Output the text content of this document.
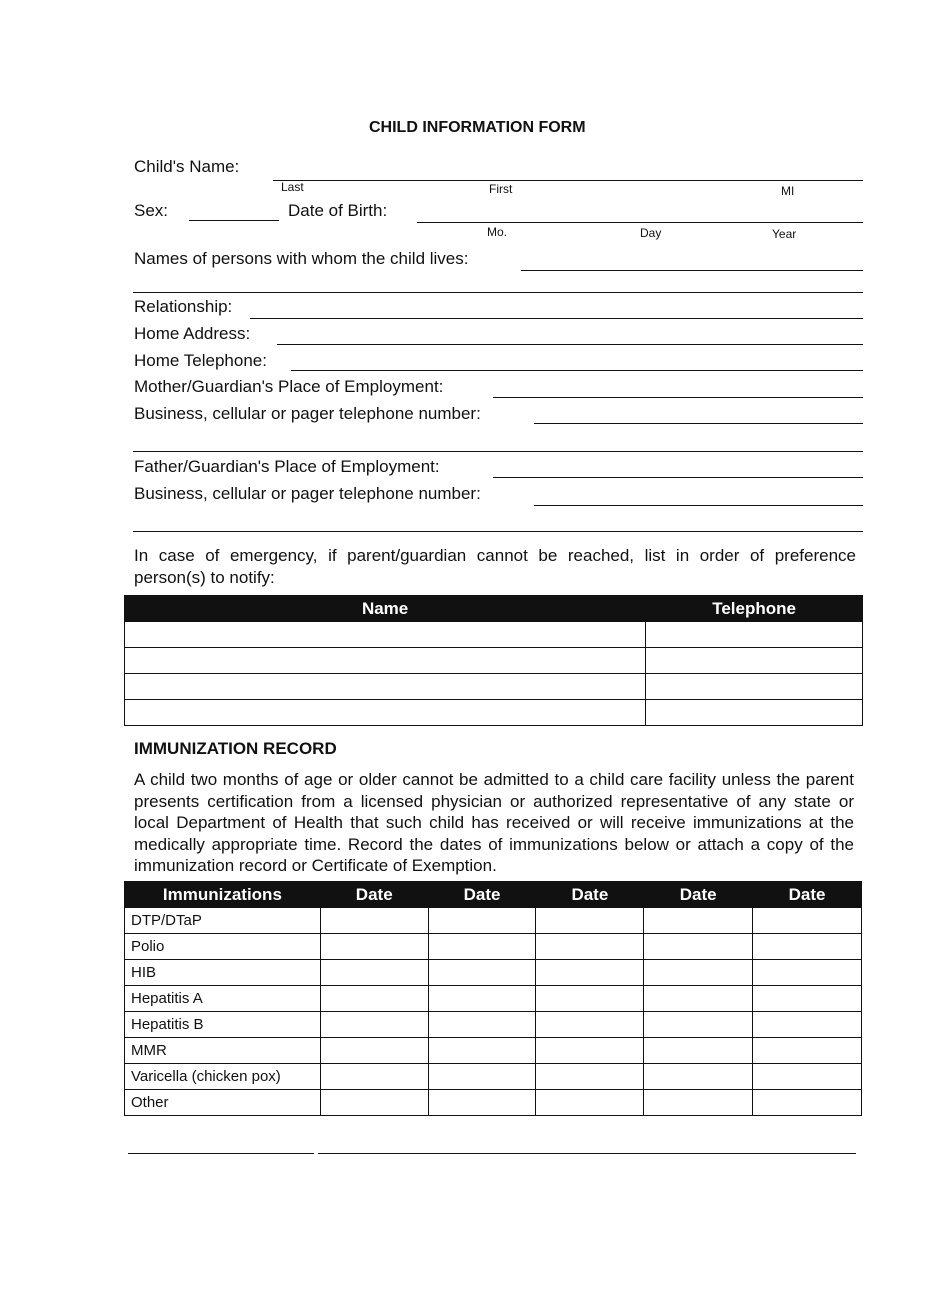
CHILD INFORMATION FORM
Child's Name:
Last	First	MI
Sex:	Date of Birth:
Mo.	Day	Year
Names of persons with whom the child lives:
Relationship:
Home Address:
Home Telephone:
Mother/Guardian's Place of Employment:
Business, cellular or pager telephone number:
Father/Guardian's Place of Employment:
Business, cellular or pager telephone number:
In case of emergency, if parent/guardian cannot be reached, list in order of preference person(s) to notify:
Name	Telephone

IMMUNIZATION RECORD
A child two months of age or older cannot be admitted to a child care facility unless the parent presents certification from a licensed physician or authorized representative of any state or local Department of Health that such child has received or will receive immunizations at the medically appropriate time. Record the dates of immunizations below or attach a copy of the immunization record or Certificate of Exemption.
Immunizations	Date	Date	Date	Date	Date
DTP/DTaP					
Polio					
HIB					
Hepatitis A					
Hepatitis B					
MMR					
Varicella (chicken pox)					
Other					
